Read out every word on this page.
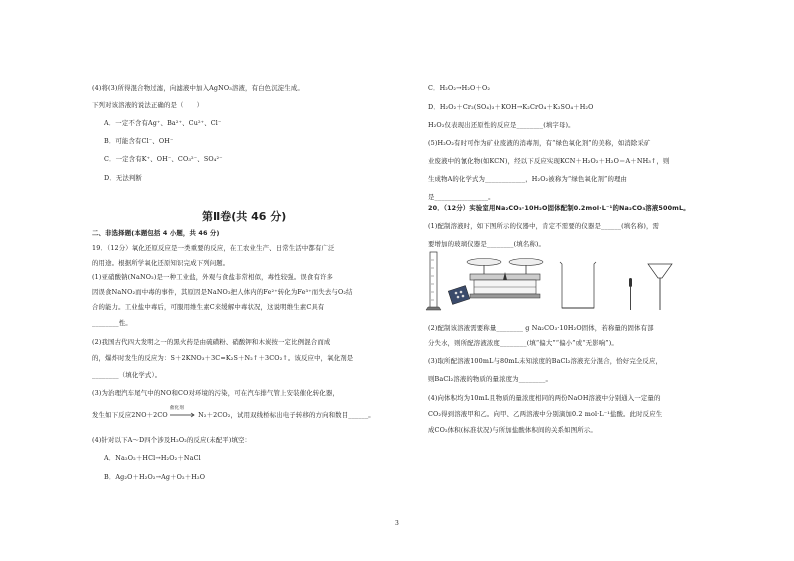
(4)将(3)所得混合物过滤，向滤液中加入AgNO₃溶液，有白色沉淀生成。
下列对该溶液的说法正确的是（　　）
A．一定不含有Ag⁺、Ba²⁺、Cu²⁺、Cl⁻
B．可能含有Cl⁻、OH⁻
C．一定含有K⁺、OH⁻、CO₃²⁻、SO₄²⁻
D．无法判断
第Ⅱ卷(共 46 分)
二、非选择题(本题包括 4 小题，共 46 分)
19．（12分）氧化还原反应是一类重要的反应，在工农业生产、日常生活中都有广泛
的用途。根据所学氧化还原知识完成下列问题。
(1)亚硝酸钠(NaNO₂)是一种工业盐，外观与食盐非常相似，毒性较强。误食有许多
因误食NaNO₂而中毒的事件，其原因是NaNO₂把人体内的Fe²⁺转化为Fe³⁺而失去与O₂结
合的能力。工业盐中毒后，可服用维生素C来缓解中毒状况，这说明维生素C具有
________性。
(2)我国古代四大发明之一的黑火药是由硫磺粉、硝酸钾和木炭按一定比例混合而成
的，爆炸时发生的反应为：S＋2KNO₃＋3C=K₂S＋N₂↑＋3CO₂↑。该反应中，氧化剂是
________（填化学式）。
(3)为治理汽车尾气中的NO和CO对环境的污染，可在汽车排气管上安装催化转化器，
发生如下反应2NO＋2CO
催化剂
N₂＋2CO₂，试用双线桥标出电子转移的方向和数目______。
(4)针对以下A～D四个涉及H₂O₂的反应(未配平)填空：
A．Na₂O₂＋HCl→H₂O₂＋NaCl
B．Ag₂O＋H₂O₂→Ag＋O₂＋H₂O
C．H₂O₂→H₂O＋O₂
D．H₂O₂＋Cr₂(SO₄)₃＋KOH→K₂CrO₄＋K₂SO₄＋H₂O
H₂O₂仅表现出还原性的反应是________(填字母)。
(5)H₂O₂有时可作为矿业废液的消毒剂，有“绿色氧化剂”的美称，如消除采矿
业废液中的氰化物(如KCN)，经以下反应实现KCN＋H₂O₂＋H₂O＝A＋NH₃↑，则
生成物A的化学式为____________，H₂O₂被称为“绿色氧化剂”的理由
是________________。
20．（12分）实验室用Na₂CO₃·10H₂O固体配制0.2mol·L⁻¹的Na₂CO₃溶液500mL。
(1)配制溶液时，如下图所示的仪器中，肯定不需要的仪器是______(填名称)，需
要增加的玻璃仪器是________(填名称)。
(2)配制该溶液需要称量________ g Na₂CO₃·10H₂O固体，若称量的固体有部
分失水，则所配溶液浓度________(填“偏大”“偏小”或“无影响”)。
(3)取所配溶液100mL与80mL未知浓度的BaCl₂溶液充分混合，恰好完全反应，
则BaCl₂溶液的物质的量浓度为________。
(4)向体积均为10mL且物质的量浓度相同的两份NaOH溶液中分别通入一定量的
CO₂得到溶液甲和乙。向甲、乙两溶液中分别滴加0.2 mol·L⁻¹盐酸。此时反应生
成CO₂体积(标准状况)与所加盐酸体积间的关系如图所示。
3
